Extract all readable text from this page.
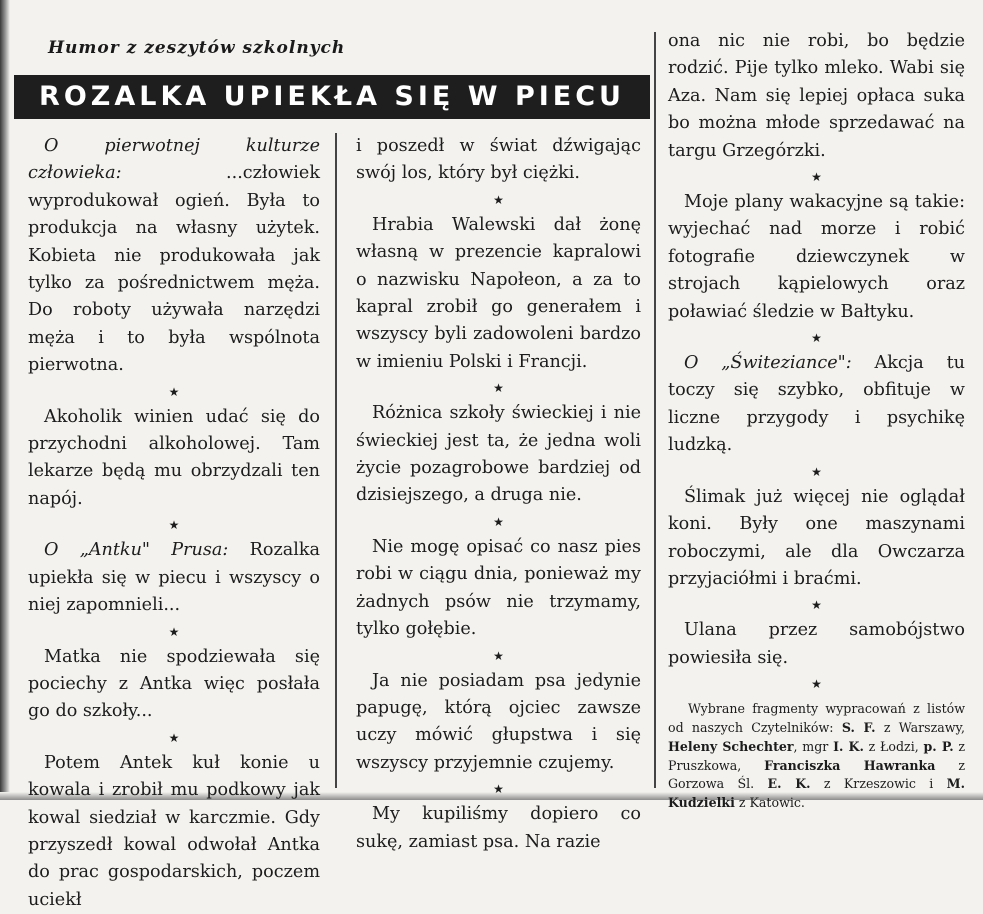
Humor z zeszytów szkolnych
ROZALKA UPIEKŁA SIĘ W PIECU

O pierwotnej kulturze człowieka: ...człowiek wyprodukował ogień. Była to produkcja na własny użytek. Kobieta nie produkowała jak tylko za pośrednictwem męża. Do roboty używała narzędzi męża i to była wspólnota pierwotna.

★

Akoholik winien udać się do przychodni alkoholowej. Tam lekarze będą mu obrzydzali ten napój.

★

O „Antku" Prusa: Rozalka upiekła się w piecu i wszyscy o niej zapomnieli...

★

Matka nie spodziewała się pociechy z Antka więc posłała go do szkoły...

★

Potem Antek kuł konie u kowala i zrobił mu podkowy jak kowal siedział w karczmie. Gdy przyszedł kowal odwołał Antka do prac gospodarskich, poczem uciekł

i poszedł w świat dźwigając swój los, który był ciężki.

★

Hrabia Walewski dał żonę własną w prezencie kapralowi o nazwisku Napołeon, a za to kapral zrobił go generałem i wszyscy byli zadowoleni bardzo w imieniu Polski i Francji.

★

Różnica szkoły świeckiej i nie świeckiej jest ta, że jedna woli życie pozagrobowe bardziej od dzisiejszego, a druga nie.

★

Nie mogę opisać co nasz pies robi w ciągu dnia, ponieważ my żadnych psów nie trzymamy, tylko gołębie.

★

Ja nie posiadam psa jedynie papugę, którą ojciec zawsze uczy mówić głupstwa i się wszyscy przyjemnie czujemy.

★

My kupiliśmy dopiero co sukę, zamiast psa. Na razie

ona nic nie robi, bo będzie rodzić. Pije tylko mleko. Wabi się Aza. Nam się lepiej opłaca suka bo można młode sprzedawać na targu Grzegórzki.

★

Moje plany wakacyjne są takie: wyjechać nad morze i robić fotografie dziewczynek w strojach kąpielowych oraz poławiać śledzie w Bałtyku.

★

O „Świteziance": Akcja tu toczy się szybko, obfituje w liczne przygody i psychikę ludzką.

★

Ślimak już więcej nie oglądał koni. Były one maszynami roboczymi, ale dla Owczarza przyjaciółmi i braćmi.

★

Ulana przez samobójstwo powiesiła się.

★

Wybrane fragmenty wypracowań z listów od naszych Czytelników: S. F. z Warszawy, Heleny Schechter, mgr I. K. z Łodzi, p. P. z Pruszkowa, Franciszka Hawranka z Gorzowa Śl. E. K. z Krzeszowic i M. Kudzielki z Katowic.
